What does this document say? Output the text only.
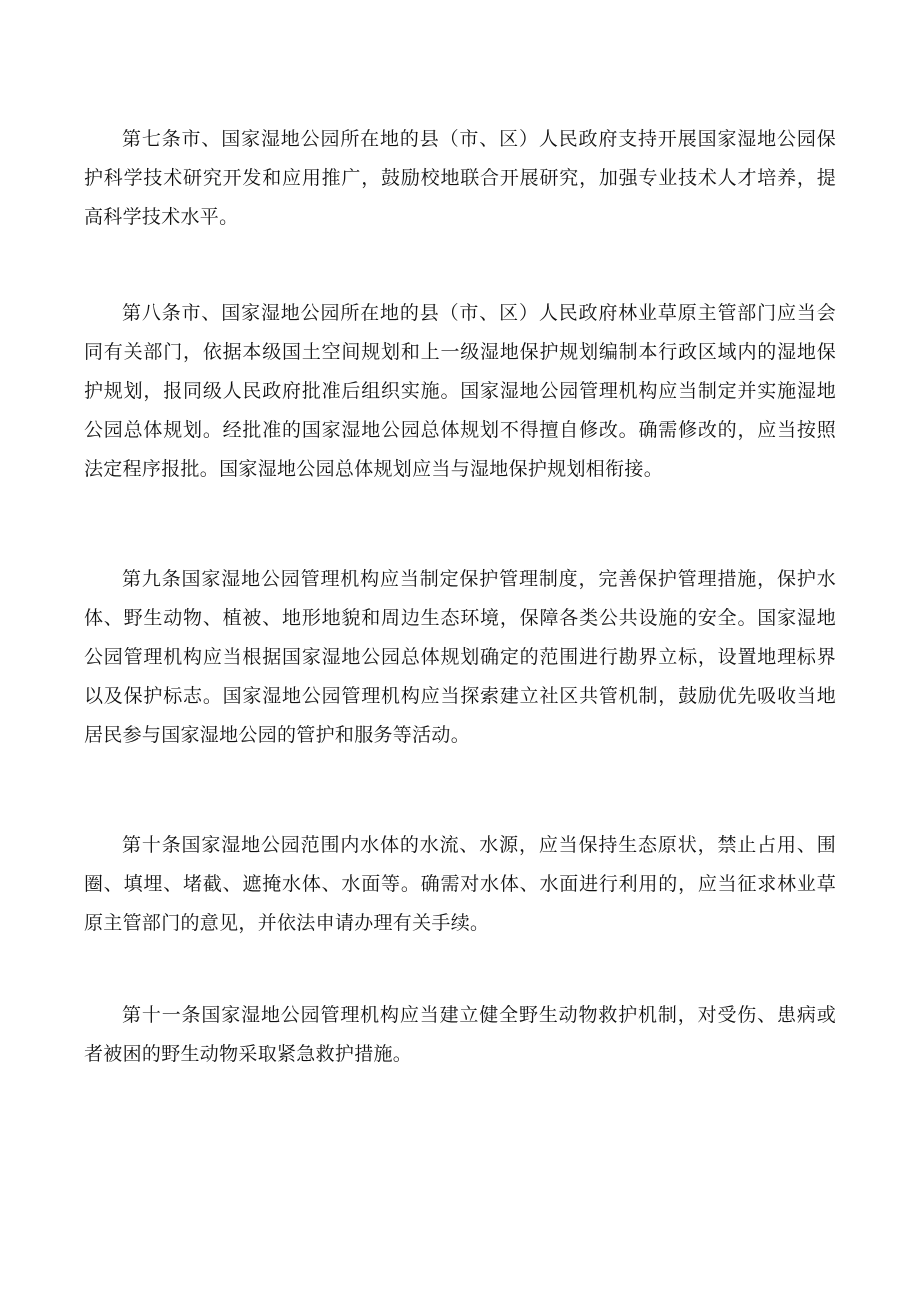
第七条市、国家湿地公园所在地的县（市、区）人民政府支持开展国家湿地公园保护科学技术研究开发和应用推广，鼓励校地联合开展研究，加强专业技术人才培养，提高科学技术水平。

第八条市、国家湿地公园所在地的县（市、区）人民政府林业草原主管部门应当会同有关部门，依据本级国土空间规划和上一级湿地保护规划编制本行政区域内的湿地保护规划，报同级人民政府批准后组织实施。国家湿地公园管理机构应当制定并实施湿地公园总体规划。经批准的国家湿地公园总体规划不得擅自修改。确需修改的，应当按照法定程序报批。国家湿地公园总体规划应当与湿地保护规划相衔接。

第九条国家湿地公园管理机构应当制定保护管理制度，完善保护管理措施，保护水体、野生动物、植被、地形地貌和周边生态环境，保障各类公共设施的安全。国家湿地公园管理机构应当根据国家湿地公园总体规划确定的范围进行勘界立标，设置地理标界以及保护标志。国家湿地公园管理机构应当探索建立社区共管机制，鼓励优先吸收当地居民参与国家湿地公园的管护和服务等活动。

第十条国家湿地公园范围内水体的水流、水源，应当保持生态原状，禁止占用、围圈、填埋、堵截、遮掩水体、水面等。确需对水体、水面进行利用的，应当征求林业草原主管部门的意见，并依法申请办理有关手续。

第十一条国家湿地公园管理机构应当建立健全野生动物救护机制，对受伤、患病或者被困的野生动物采取紧急救护措施。
